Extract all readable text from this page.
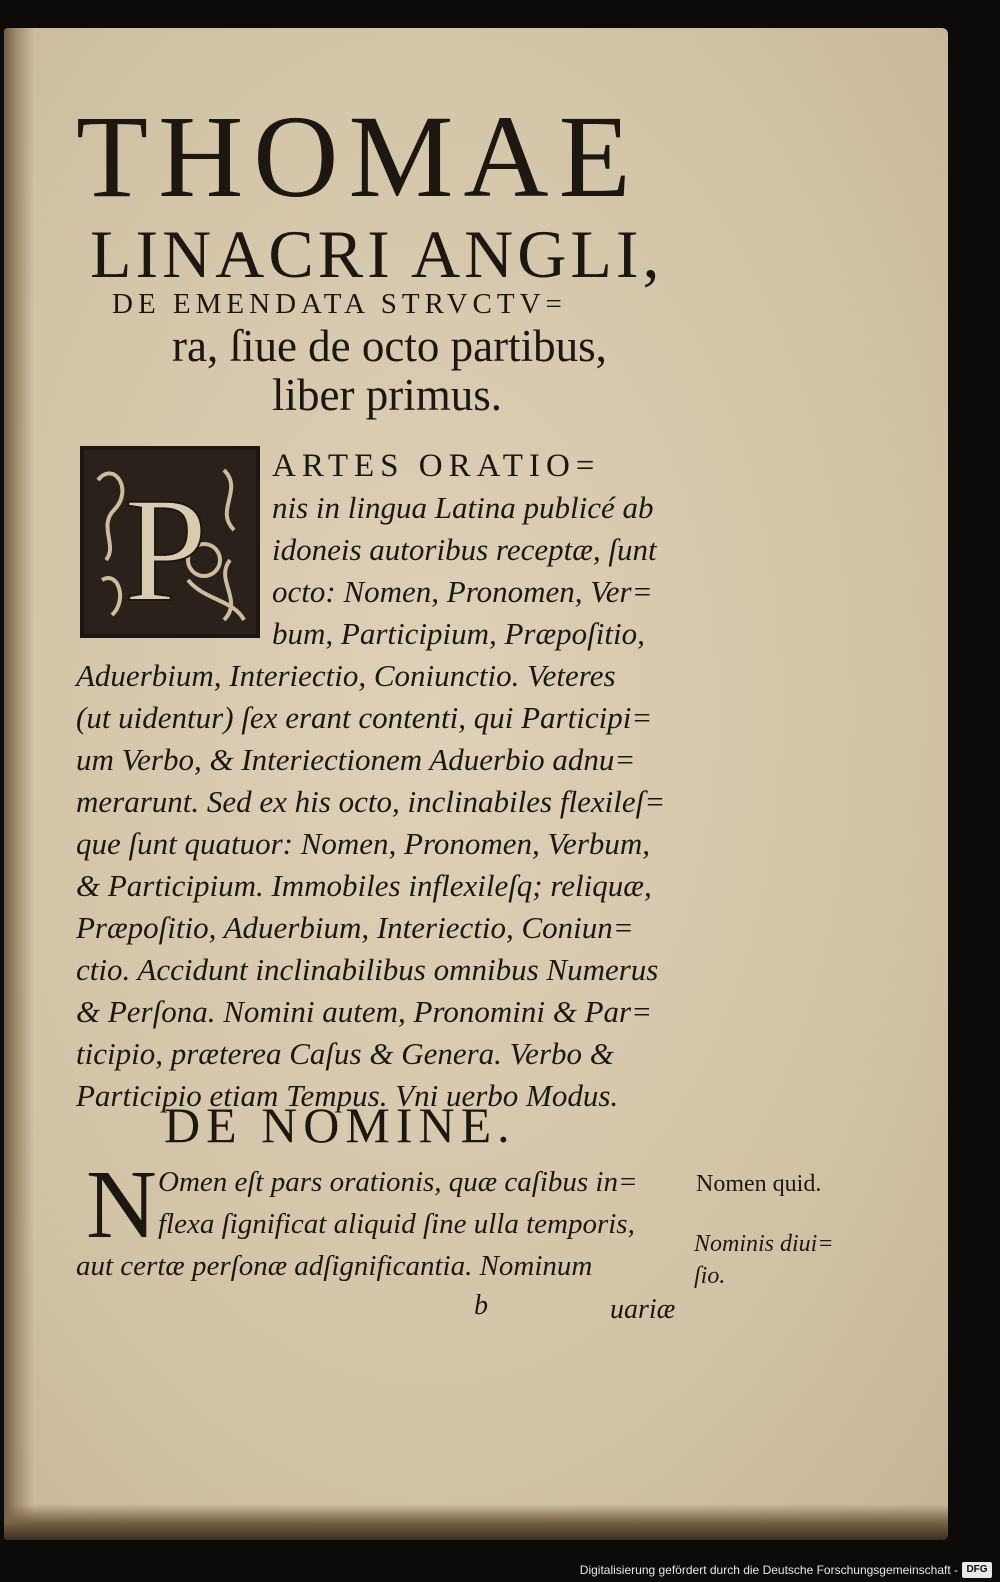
THOMAE
LINACRI ANGLI,
DE EMENDATA STRVCTV=
ra, ſiue de octo partibus,
liber primus.
P
ARTES ORATIO=
nis in lingua Latina publicé ab
idoneis autoribus receptæ, ſunt
octo: Nomen, Pronomen, Ver=
bum, Participium, Præpoſitio,
Aduerbium, Interiectio, Coniunctio. Veteres
(ut uidentur) ſex erant contenti, qui Participi=
um Verbo, & Interiectionem Aduerbio adnu=
merarunt. Sed ex his octo, inclinabiles flexileſ=
que ſunt quatuor: Nomen, Pronomen, Verbum,
& Participium. Immobiles inflexileſq; reliquæ,
Præpoſitio, Aduerbium, Interiectio, Coniun=
ctio. Accidunt inclinabilibus omnibus Numerus
& Perſona. Nomini autem, Pronomini & Par=
ticipio, præterea Caſus & Genera. Verbo &
Participio etiam Tempus. Vni uerbo Modus.
DE NOMINE.
N Omen eſt pars orationis, quæ caſibus in=
flexa ſignificat aliquid ſine ulla temporis,
aut certæ perſonæ adſignificantia. Nominum
Nomen quid.
Nominis diui=
ſio.
b	uariæ
Digitalisierung gefördert durch die Deutsche Forschungsgemeinschaft - DFG
